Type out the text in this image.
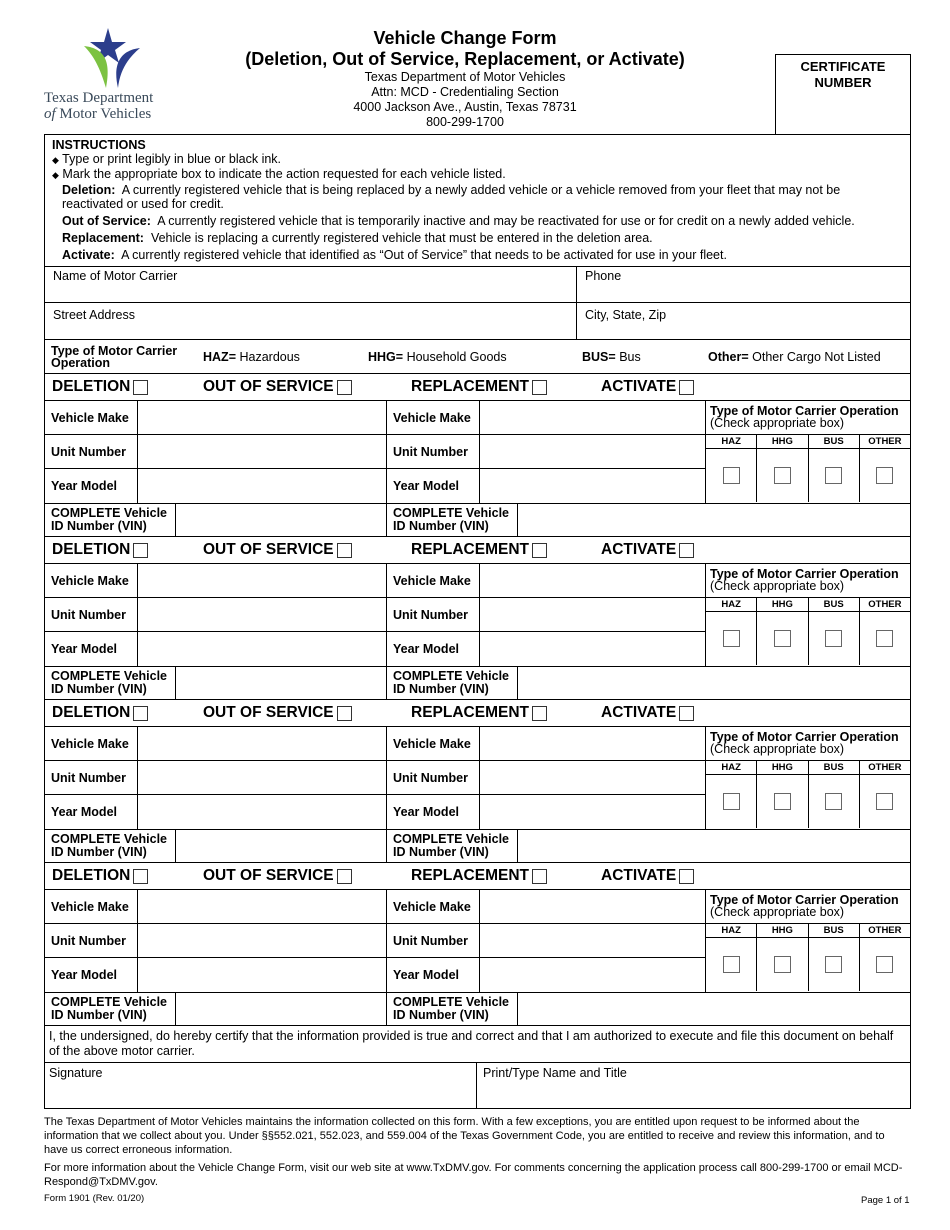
Texas Department
of Motor Vehicles
Vehicle Change Form
(Deletion, Out of Service, Replacement, or Activate)
Texas Department of Motor Vehicles
Attn: MCD - Credentialing Section
4000 Jackson Ave., Austin, Texas 78731
800-299-1700
CERTIFICATE NUMBER
INSTRUCTIONS
◆ Type or print legibly in blue or black ink.
◆ Mark the appropriate box to indicate the action requested for each vehicle listed.
Deletion: A currently registered vehicle that is being replaced by a newly added vehicle or a vehicle removed from your fleet that may not be reactivated or used for credit.
Out of Service: A currently registered vehicle that is temporarily inactive and may be reactivated for use or for credit on a newly added vehicle.
Replacement: Vehicle is replacing a currently registered vehicle that must be entered in the deletion area.
Activate: A currently registered vehicle that identified as “Out of Service” that needs to be activated for use in your fleet.
Name of Motor Carrier	Phone
Street Address	City, State, Zip
Type of Motor Carrier Operation	HAZ= Hazardous	HHG= Household Goods	BUS= Bus	Other= Other Cargo Not Listed
DELETION	OUT OF SERVICE	REPLACEMENT	ACTIVATE
Vehicle Make	Vehicle Make
Unit Number	Unit Number
Year Model	Year Model
Type of Motor Carrier Operation
(Check appropriate box)
HAZ	HHG	BUS	OTHER
COMPLETE Vehicle
ID Number (VIN)
COMPLETE Vehicle
ID Number (VIN)
DELETION	OUT OF SERVICE	REPLACEMENT	ACTIVATE
Vehicle Make	Vehicle Make
Unit Number	Unit Number
Year Model	Year Model
Type of Motor Carrier Operation
(Check appropriate box)
HAZ	HHG	BUS	OTHER
COMPLETE Vehicle
ID Number (VIN)
COMPLETE Vehicle
ID Number (VIN)
DELETION	OUT OF SERVICE	REPLACEMENT	ACTIVATE
Vehicle Make	Vehicle Make
Unit Number	Unit Number
Year Model	Year Model
Type of Motor Carrier Operation
(Check appropriate box)
HAZ	HHG	BUS	OTHER
COMPLETE Vehicle
ID Number (VIN)
COMPLETE Vehicle
ID Number (VIN)
DELETION	OUT OF SERVICE	REPLACEMENT	ACTIVATE
Vehicle Make	Vehicle Make
Unit Number	Unit Number
Year Model	Year Model
Type of Motor Carrier Operation
(Check appropriate box)
HAZ	HHG	BUS	OTHER
COMPLETE Vehicle
ID Number (VIN)
COMPLETE Vehicle
ID Number (VIN)
I, the undersigned, do hereby certify that the information provided is true and correct and that I am authorized to execute and file this document on behalf of the above motor carrier.
Signature	Print/Type Name and Title

The Texas Department of Motor Vehicles maintains the information collected on this form. With a few exceptions, you are entitled upon request to be informed about the information that we collect about you. Under §§552.021, 552.023, and 559.004 of the Texas Government Code, you are entitled to receive and review this information, and to have us correct erroneous information.

For more information about the Vehicle Change Form, visit our web site at www.TxDMV.gov. For comments concerning the application process call 800-299-1700 or email MCD-Respond@TxDMV.gov.

Form 1901 (Rev. 01/20)	Page 1 of 1
